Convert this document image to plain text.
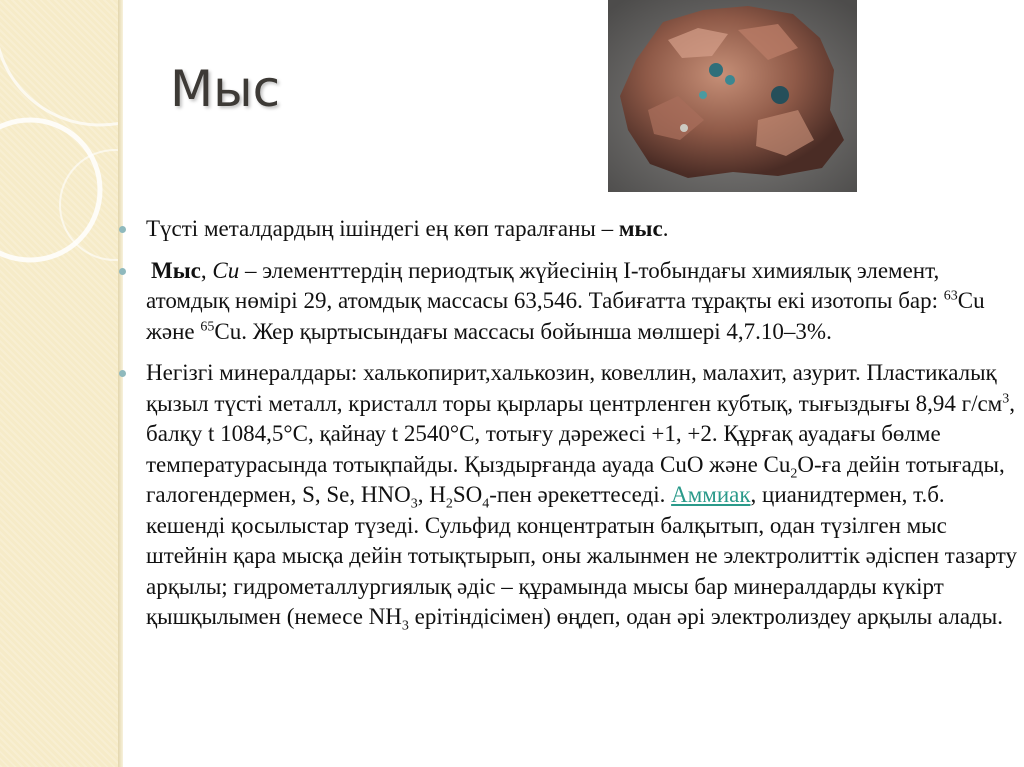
Мыс
Түсті металдардың ішіндегі ең көп таралғаны – мыс.
Мыс, Cu – элементтердің периодтық жүйесінің I-тобындағы химиялық элемент, атомдық нөмірі 29, атомдық массасы 63,546. Табиғатта тұрақты екі изотопы бар: $^{63}$Cu және $^{65}$Cu. Жер қыртысындағы массасы бойынша мөлшері 4,7.10–3%.
Негізгі минералдары: халькопирит,халькозин, ковеллин, малахит, азурит. Пластикалық қызыл түсті металл, кристалл торы қырлары центрленген кубтық, тығыздығы 8,94 $г/см^3$, балқу t 1084,5°С, қайнау t 2540°С, тотығу дәрежесі +1, +2. Құрғақ ауадағы бөлме температурасында тотықпайды. Қыздырғанда ауада CuO және $Cu_2O-ға$ дейін тотығады, галогендермен, S, Se, $HNO_3$, $H_2SO_4$-пен әрекеттеседі. Аммиак, цианидтермен, т.б. кешенді қосылыстар түзеді. Сульфид концентратын балқытып, одан түзілген мыс штейнін қара мысқа дейін тотықтырып, оны жалынмен не электролиттік әдіспен тазарту арқылы; гидрометаллургиялық әдіс – құрамында мысы бар минералдарды күкірт қышқылымен (немесе $NH_3$ ерітіндісімен) өңдеп, одан әрі электролиздеу арқылы алады.
